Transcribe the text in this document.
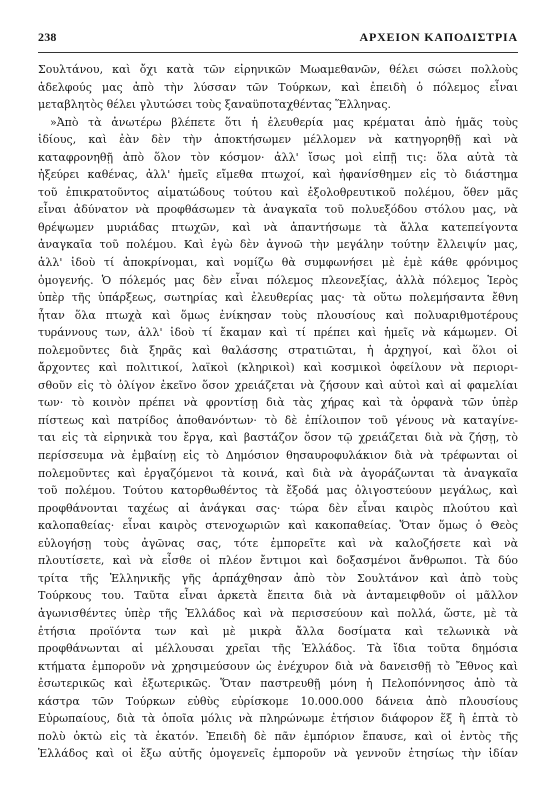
238	ΑΡΧΕΙΟΝ ΚΑΠΟΔΙΣΤΡΙΑ
Σουλτάνου, καὶ ὄχι κατὰ τῶν εἰρηνικῶν Μωαμεθανῶν, θέλει σώσει πολλοὺς
ἀδελφούς μας ἀπὸ τὴν λύσσαν τῶν Τούρκων, καὶ ἐπειδὴ ὁ πόλεμος εἶναι
μεταβλητὸς θέλει γλυτώσει τοὺς ξαναϋποταχθέντας Ἕλληνας.
»Ἀπὸ τὰ ἀνωτέρω βλέπετε ὅτι ἡ ἐλευθερία μας κρέμαται ἀπὸ ἡμᾶς τοὺς
ἰδίους, καὶ ἐὰν δὲν τὴν ἀποκτήσωμεν μέλλομεν νὰ κατηγορηθῇ καὶ νὰ
καταφρονηθῇ ἀπὸ ὅλον τὸν κόσμον· ἀλλ' ἴσως μοὶ εἰπῇ τις: ὅλα αὐτὰ τὰ
ἠξεύρει καθένας, ἀλλ' ἡμεῖς εἴμεθα πτωχοί, καὶ ἠφανίσθημεν εἰς τὸ διάστημα
τοῦ ἐπικρατοῦντος αἱματώδους τούτου καὶ ἐξολοθρευτικοῦ πολέμου, ὅθεν μᾶς
εἶναι ἀδύνατον νὰ προφθάσωμεν τὰ ἀναγκαῖα τοῦ πολυεξόδου στόλου μας, νὰ
θρέψωμεν μυριάδας πτωχῶν, καὶ νὰ ἀπαντήσωμε τὰ ἄλλα κατεπείγοντα
ἀναγκαῖα τοῦ πολέμου. Καὶ ἐγὼ δὲν ἀγνοῶ τὴν μεγάλην τούτην ἔλλειψίν μας,
ἀλλ' ἰδοὺ τί ἀποκρίνομαι, καὶ νομίζω θὰ συμφωνήσει μὲ ἐμὲ κάθε φρόνιμος
ὁμογενής. Ὁ πόλεμός μας δὲν εἶναι πόλεμος πλεονεξίας, ἀλλὰ πόλεμος Ἱερὸς
ὑπὲρ τῆς ὑπάρξεως, σωτηρίας καὶ ἐλευθερίας μας· τὰ οὕτω πολεμήσαντα ἔθνη
ἦταν ὅλα πτωχὰ καὶ ὅμως ἐνίκησαν τοὺς πλουσίους καὶ πολυαριθμοτέρους
τυράννους των, ἀλλ' ἰδοὺ τί ἔκαμαν καὶ τί πρέπει καὶ ἡμεῖς νὰ κάμωμεν. Οἱ
πολεμοῦντες διὰ ξηρᾶς καὶ θαλάσσης στρατιῶται, ἡ ἀρχηγοί, καὶ ὅλοι οἱ
ἄρχοντες καὶ πολιτικοί, λαϊκοὶ (κληρικοὶ) καὶ κοσμικοὶ ὀφείλουν νὰ περιορι-
σθοῦν εἰς τὸ ὀλίγον ἐκεῖνο ὅσον χρειάζεται νὰ ζήσουν καὶ αὐτοὶ καὶ αἱ φαμελίαι
των· τὸ κοινὸν πρέπει νὰ φροντίσῃ διὰ τὰς χήρας καὶ τὰ ὀρφανὰ τῶν ὑπὲρ
πίστεως καὶ πατρίδος ἀποθανόντων· τὸ δὲ ἐπίλοιπον τοῦ γένους νὰ καταγίνε-
ται εἰς τὰ εἰρηνικὰ του ἔργα, καὶ βαστάζον ὅσον τῷ χρειάζεται διὰ νὰ ζήσῃ, τὸ
περίσσευμα νὰ ἐμβαίνῃ εἰς τὸ Δημόσιον θησαυροφυλάκιον διὰ νὰ τρέφωνται οἱ
πολεμοῦντες καὶ ἐργαζόμενοι τὰ κοινά, καὶ διὰ νὰ ἀγοράζωνται τὰ ἀναγκαῖα
τοῦ πολέμου. Τούτου κατορθωθέντος τὰ ἔξοδά μας ὀλιγοστεύουν μεγάλως, καὶ
προφθάνονται ταχέως αἱ ἀνάγκαι σας· τώρα δὲν εἶναι καιρὸς πλούτου καὶ
καλοπαθείας· εἶναι καιρὸς στενοχωριῶν καὶ κακοπαθείας. Ὅταν ὅμως ὁ Θεὸς
εὐλογήσῃ τοὺς ἀγῶνας σας, τότε ἐμπορεῖτε καὶ νὰ καλοζήσετε καὶ νὰ
πλουτίσετε, καὶ νὰ εἶσθε οἱ πλέον ἔντιμοι καὶ δοξασμένοι ἄνθρωποι. Τὰ δύο
τρίτα τῆς Ἑλληνικῆς γῆς ἁρπάχθησαν ἀπὸ τὸν Σουλτάνον καὶ ἀπὸ τοὺς
Τούρκους του. Ταῦτα εἶναι ἀρκετὰ ἔπειτα διὰ νὰ ἀνταμειφθοῦν οἱ μᾶλλον
ἀγωνισθέντες ὑπὲρ τῆς Ἑλλάδος καὶ νὰ περισσεύουν καὶ πολλά, ὥστε, μὲ τὰ
ἐτήσια προϊόντα των καὶ μὲ μικρὰ ἄλλα δοσίματα καὶ τελωνικὰ νὰ
προφθάνωνται αἱ μέλλουσαι χρεῖαι τῆς Ἑλλάδος. Τὰ ἴδια τοῦτα δημόσια
κτήματα ἐμποροῦν νὰ χρησιμεύσουν ὡς ἐνέχυρον διὰ νὰ δανεισθῇ τὸ Ἔθνος καὶ
ἐσωτερικῶς καὶ ἐξωτερικῶς. Ὅταν παστρευθῇ μόνη ἡ Πελοπόννησος ἀπὸ τὰ
κάστρα τῶν Τούρκων εὐθὺς εὑρίσκομε 10.000.000 δάνεια ἀπὸ πλουσίους
Εὐρωπαίους, διὰ τὰ ὁποῖα μόλις νὰ πληρώνωμε ἐτήσιον διάφορον ἕξ ἢ ἑπτὰ τὸ
πολὺ ὀκτὼ εἰς τὰ ἑκατόν. Ἐπειδὴ δὲ πᾶν ἐμπόριον ἔπαυσε, καὶ οἱ ἐντὸς τῆς
Ἑλλάδος καὶ οἱ ἔξω αὐτῆς ὁμογενεῖς ἐμποροῦν νὰ γεννοῦν ἐτησίως τὴν ἰδίαν
